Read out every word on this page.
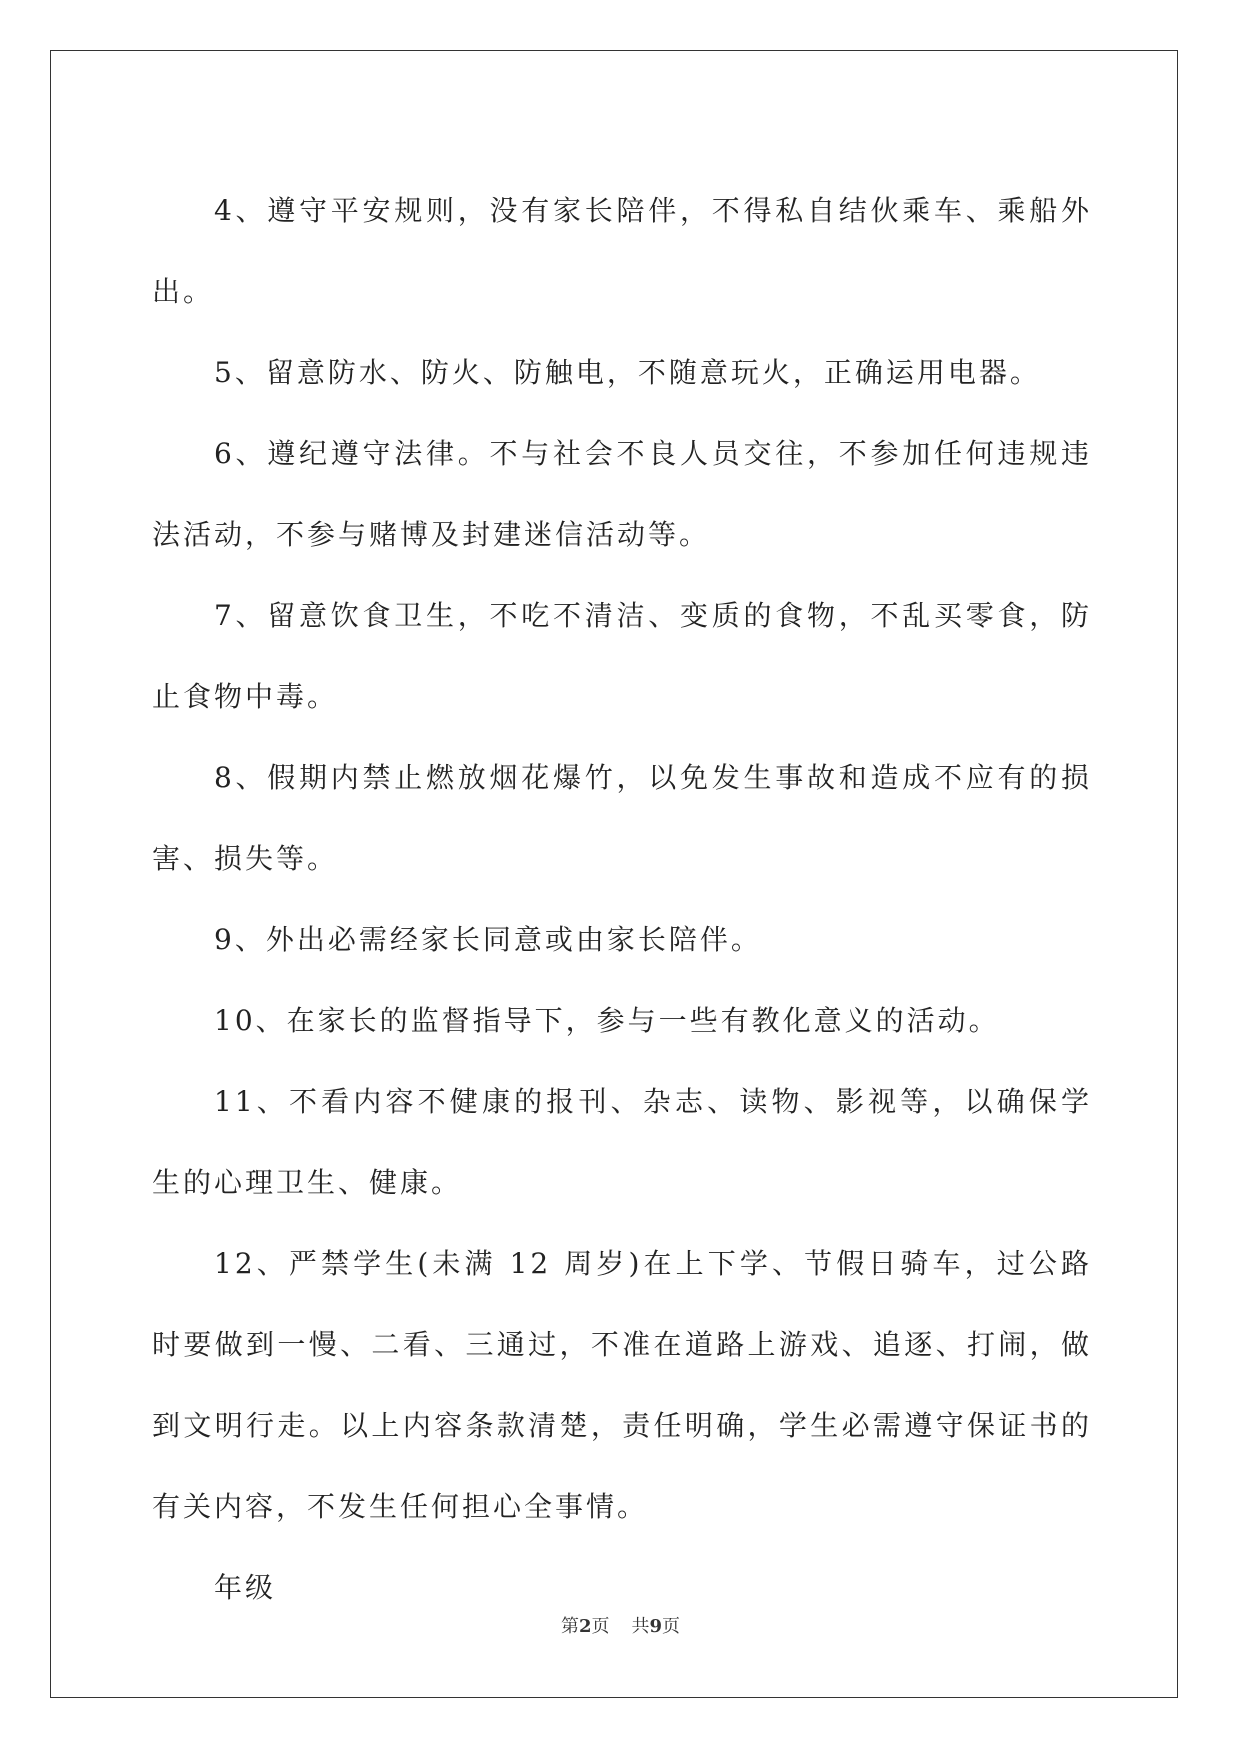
4、遵守平安规则，没有家长陪伴，不得私自结伙乘车、乘船外出。

5、留意防水、防火、防触电，不随意玩火，正确运用电器。

6、遵纪遵守法律。不与社会不良人员交往，不参加任何违规违法活动，不参与赌博及封建迷信活动等。

7、留意饮食卫生，不吃不清洁、变质的食物，不乱买零食，防止食物中毒。

8、假期内禁止燃放烟花爆竹，以免发生事故和造成不应有的损害、损失等。

9、外出必需经家长同意或由家长陪伴。

10、在家长的监督指导下，参与一些有教化意义的活动。

11、不看内容不健康的报刊、杂志、读物、影视等，以确保学生的心理卫生、健康。

12、严禁学生(未满 12 周岁)在上下学、节假日骑车，过公路时要做到一慢、二看、三通过，不准在道路上游戏、追逐、打闹，做到文明行走。以上内容条款清楚，责任明确，学生必需遵守保证书的有关内容，不发生任何担心全事情。

年级

第2页 共9页
